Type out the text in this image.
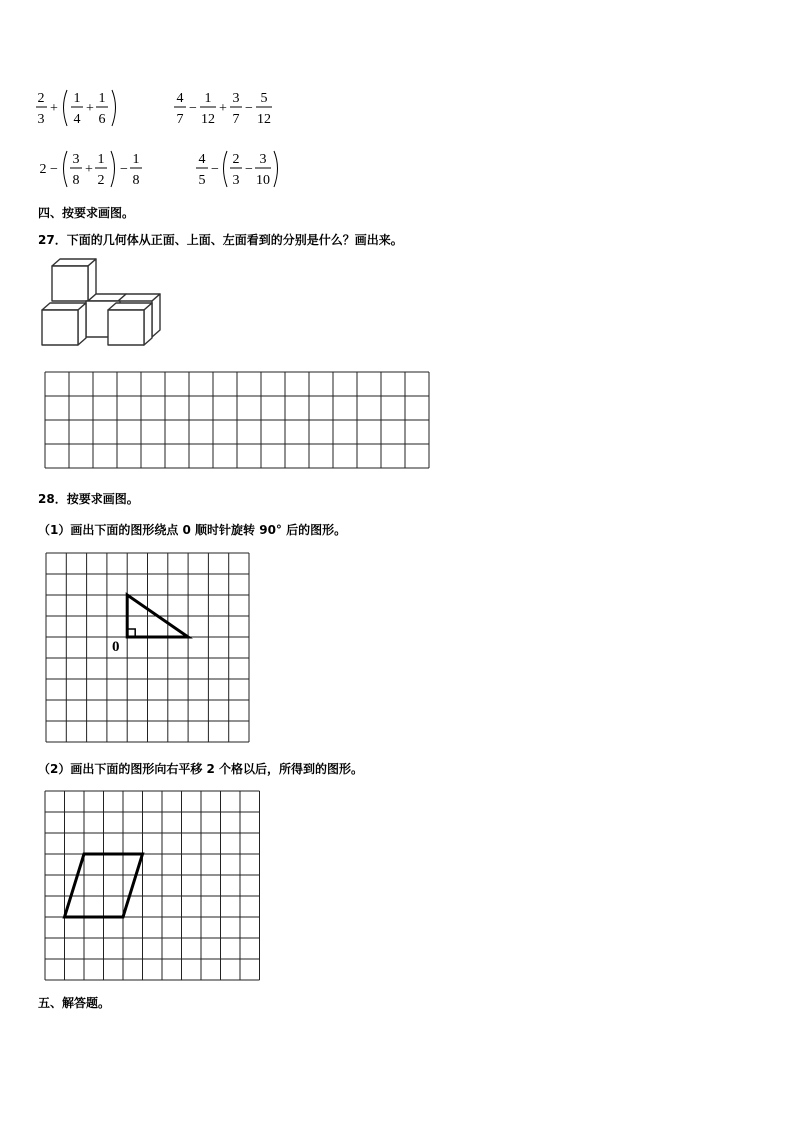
2
3
+
1
4
+
1
6
4
7
−
1
12
+
3
7
−
5
12
2 −
3
8
+
1
2
−
1
8
4
5
−
2
3
−
3
10
四、按要求画图。
27．下面的几何体从正面、上面、左面看到的分别是什么？画出来。
28．按要求画图。
（1）画出下面的图形绕点 0 顺时针旋转 90° 后的图形。
0
（2）画出下面的图形向右平移 2 个格以后，所得到的图形。
五、解答题。
